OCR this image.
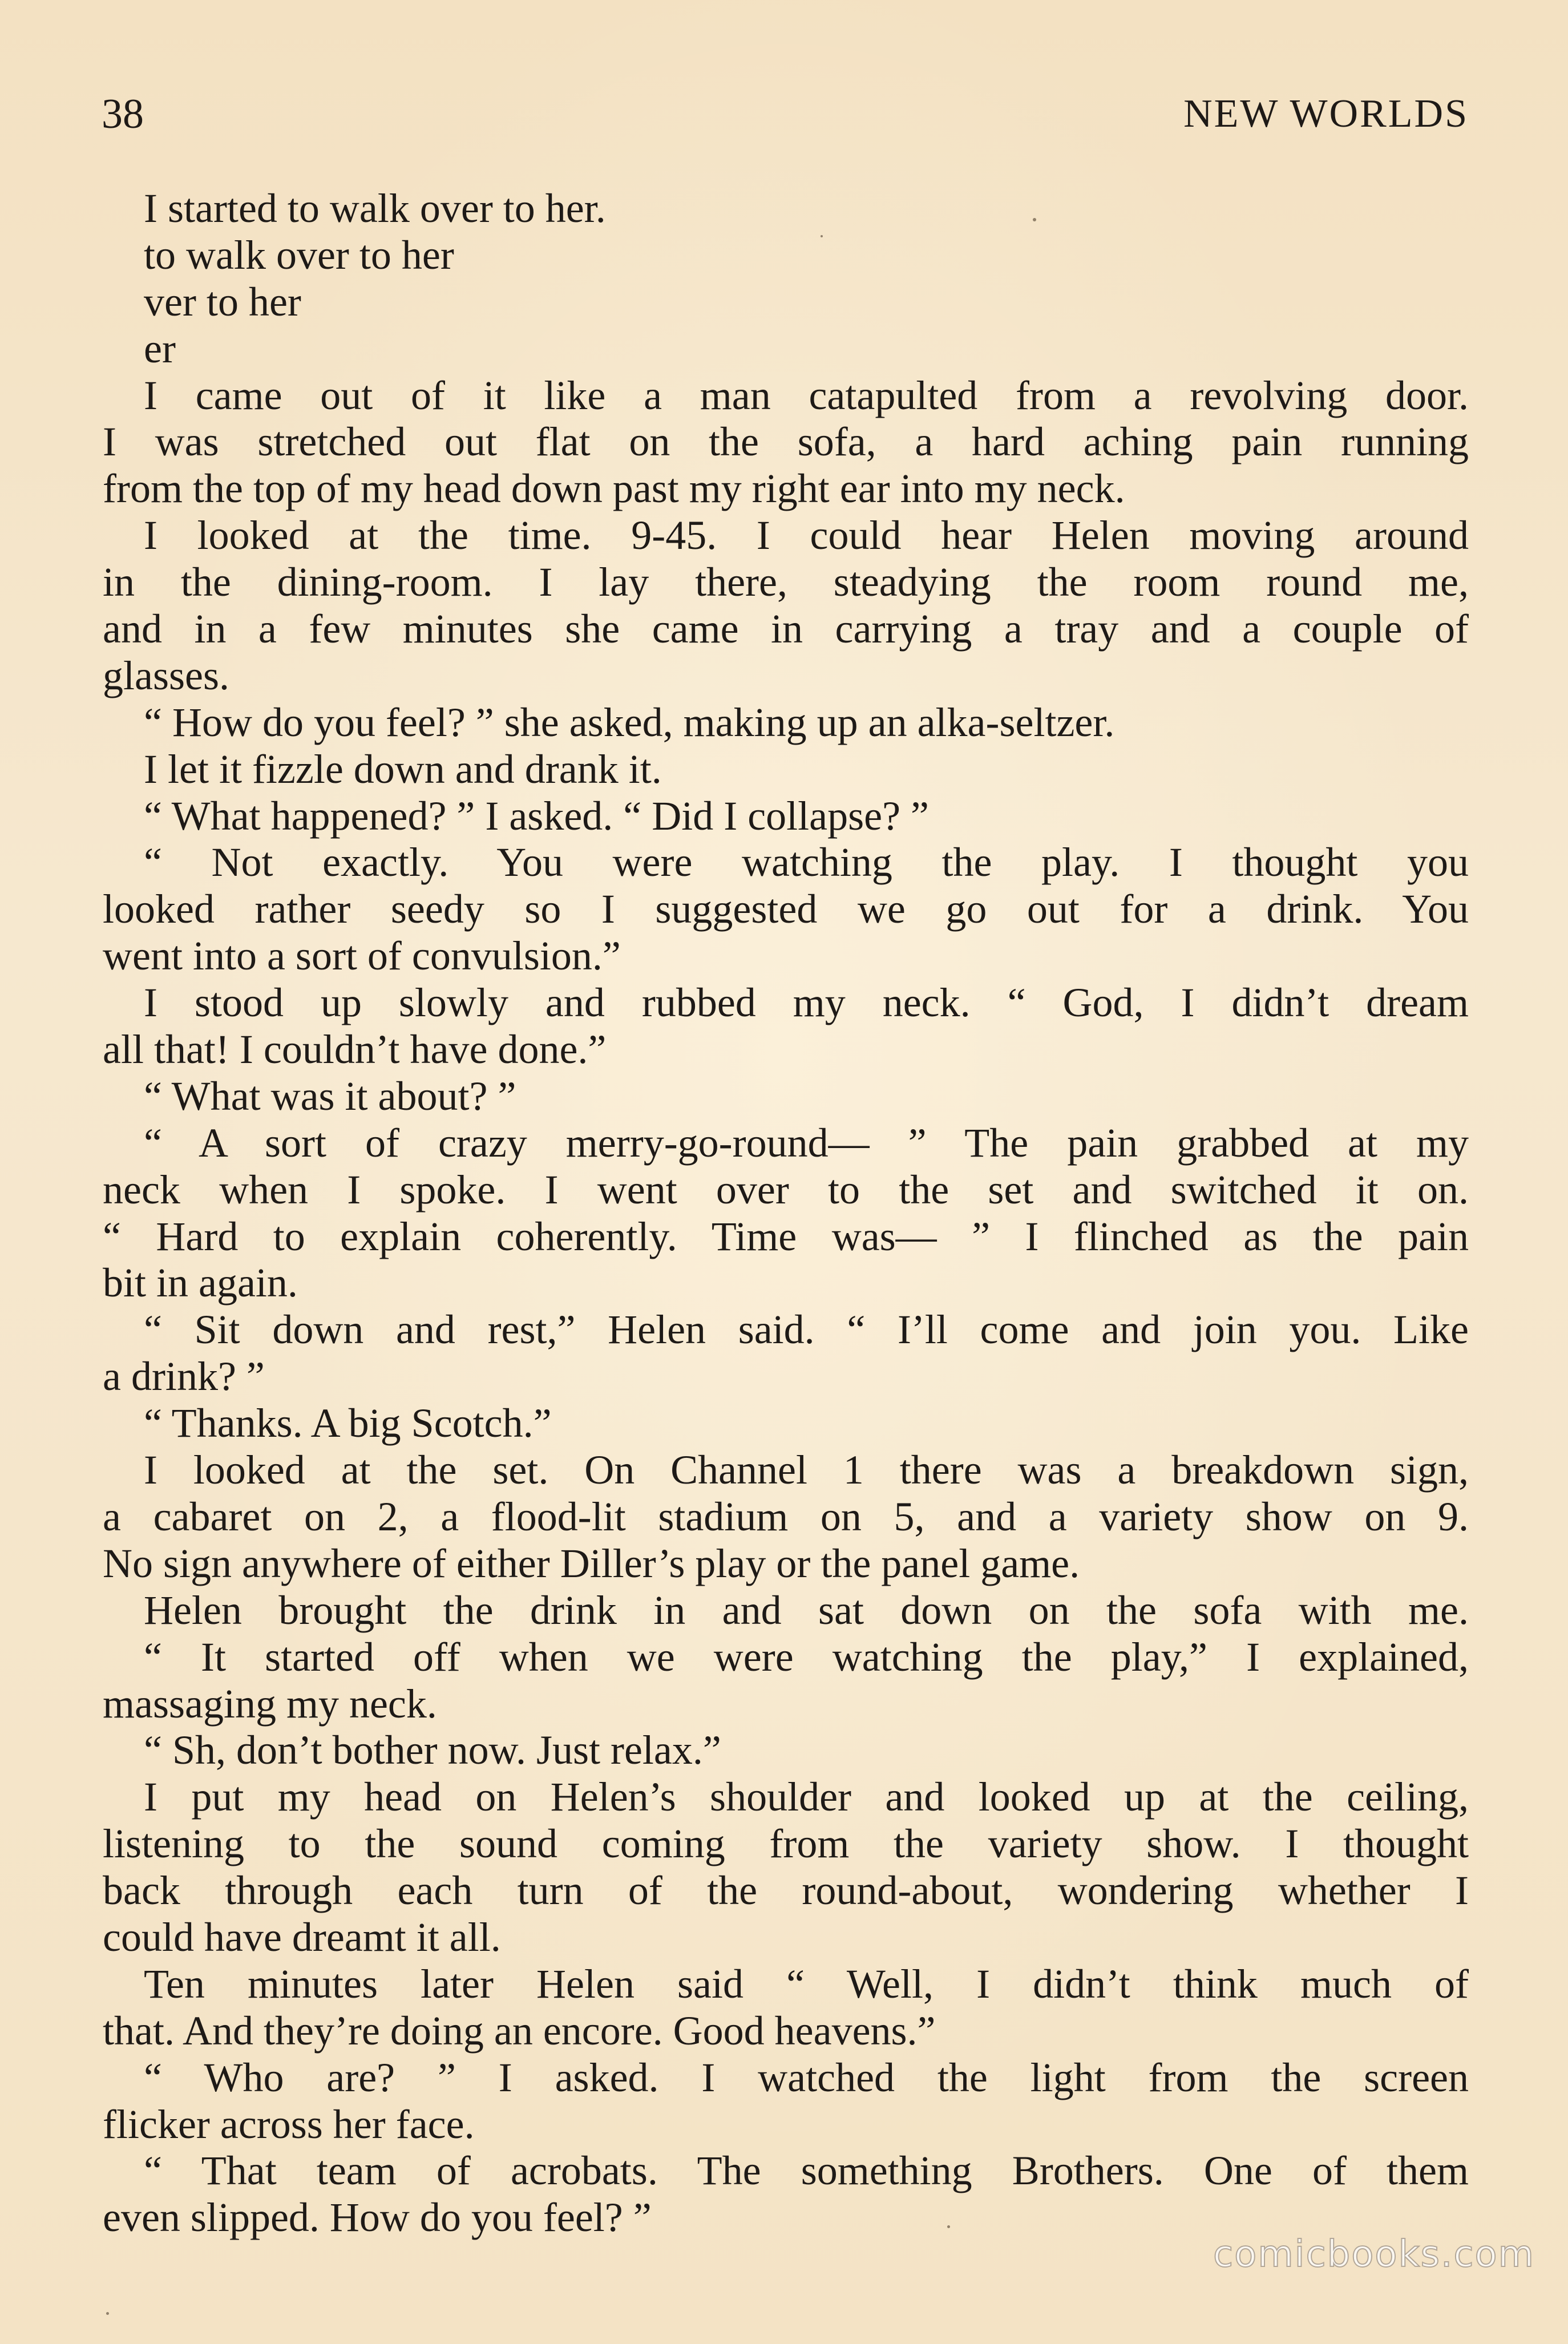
38	NEW WORLDS
I started to walk over to her.
to walk over to her
ver to her
er
I came out of it like a man catapulted from a revolving door.
I was stretched out flat on the sofa, a hard aching pain running
from the top of my head down past my right ear into my neck.
I looked at the time. 9-45. I could hear Helen moving around
in the dining-room. I lay there, steadying the room round me,
and in a few minutes she came in carrying a tray and a couple of
glasses.
“ How do you feel? ” she asked, making up an alka-seltzer.
I let it fizzle down and drank it.
“ What happened? ” I asked. “ Did I collapse? ”
“ Not exactly. You were watching the play. I thought you
looked rather seedy so I suggested we go out for a drink. You
went into a sort of convulsion.”
I stood up slowly and rubbed my neck. “ God, I didn’t dream
all that! I couldn’t have done.”
“ What was it about? ”
“ A sort of crazy merry-go-round— ” The pain grabbed at my
neck when I spoke. I went over to the set and switched it on.
“ Hard to explain coherently. Time was— ” I flinched as the pain
bit in again.
“ Sit down and rest,” Helen said. “ I’ll come and join you. Like
a drink? ”
“ Thanks. A big Scotch.”
I looked at the set. On Channel 1 there was a breakdown sign,
a cabaret on 2, a flood-lit stadium on 5, and a variety show on 9.
No sign anywhere of either Diller’s play or the panel game.
Helen brought the drink in and sat down on the sofa with me.
“ It started off when we were watching the play,” I explained,
massaging my neck.
“ Sh, don’t bother now. Just relax.”
I put my head on Helen’s shoulder and looked up at the ceiling,
listening to the sound coming from the variety show. I thought
back through each turn of the round-about, wondering whether I
could have dreamt it all.
Ten minutes later Helen said “ Well, I didn’t think much of
that. And they’re doing an encore. Good heavens.”
“ Who are? ” I asked. I watched the light from the screen
flicker across her face.
“ That team of acrobats. The something Brothers. One of them
even slipped. How do you feel? ”
comicbooks.com
